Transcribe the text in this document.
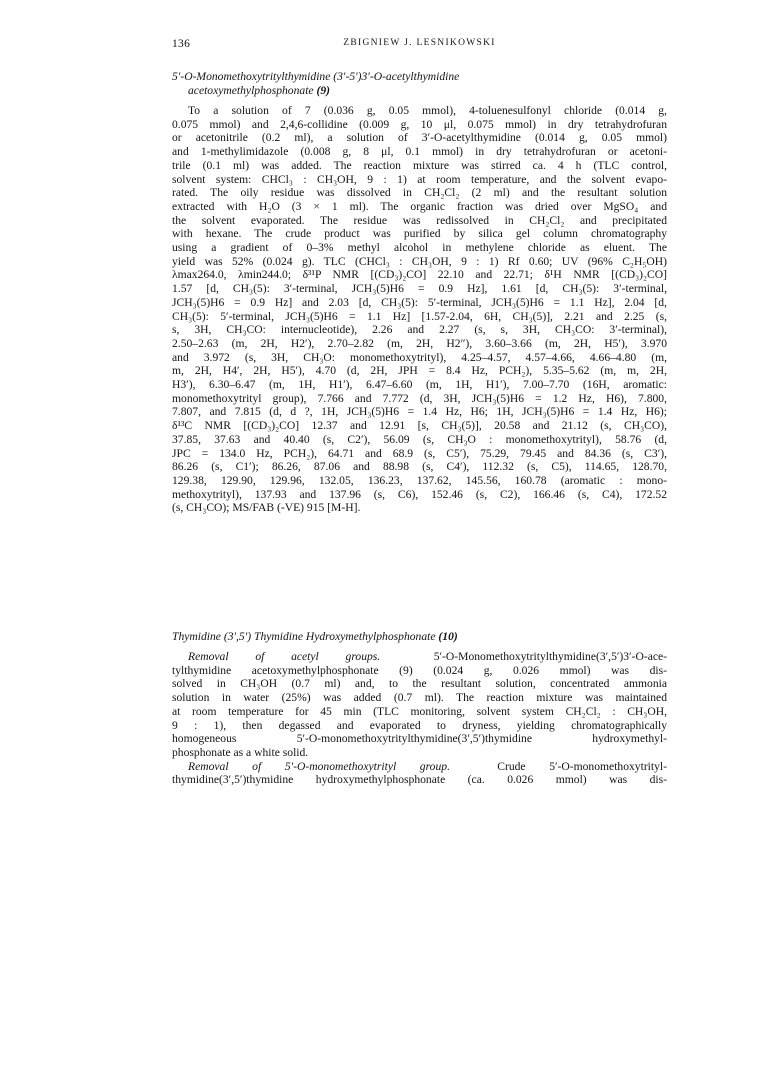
136	ZBIGNIEW J. LESNIKOWSKI
5′-O-Monomethoxytritylthymidine (3′-5′)3′-O-acetylthymidine
acetoxymethylphosphonate (9)

To a solution of 7 (0.036 g, 0.05 mmol), 4-toluenesulfonyl chloride (0.014 g,
0.075 mmol) and 2,4,6-collidine (0.009 g, 10 μl, 0.075 mmol) in dry tetrahydrofuran
or acetonitrile (0.2 ml), a solution of 3′-O-acetylthymidine (0.014 g, 0.05 mmol)
and 1-methylimidazole (0.008 g, 8 μl, 0.1 mmol) in dry tetrahydrofuran or acetoni-
trile (0.1 ml) was added. The reaction mixture was stirred ca. 4 h (TLC control,
solvent system: CHCl₃ : CH₃OH, 9 : 1) at room temperature, and the solvent evapo-
rated. The oily residue was dissolved in CH₂Cl₂ (2 ml) and the resultant solution
extracted with H₂O (3 × 1 ml). The organic fraction was dried over MgSO₄ and
the solvent evaporated. The residue was redissolved in CH₂Cl₂ and precipitated
with hexane. The crude product was purified by silica gel column chromatography
using a gradient of 0–3% methyl alcohol in methylene chloride as eluent. The
yield was 52% (0.024 g). TLC (CHCl₃ : CH₃OH, 9 : 1) Rf 0.60; UV (96% C₂H₅OH)
λmax264.0, λmin244.0; δ³¹P NMR [(CD₃)₂CO] 22.10 and 22.71; δ¹H NMR [(CD₃)₂CO]
1.57 [d, CH₃(5): 3′-terminal, JCH₃(5)H6 = 0.9 Hz], 1.61 [d, CH₃(5): 3′-terminal,
JCH₃(5)H6 = 0.9 Hz] and 2.03 [d, CH₃(5): 5′-terminal, JCH₃(5)H6 = 1.1 Hz], 2.04 [d,
CH₃(5): 5′-terminal, JCH₃(5)H6 = 1.1 Hz] [1.57-2.04, 6H, CH₃(5)], 2.21 and 2.25 (s,
s, 3H, CH₃CO: internucleotide), 2.26 and 2.27 (s, s, 3H, CH₃CO: 3′-terminal),
2.50–2.63 (m, 2H, H2′), 2.70–2.82 (m, 2H, H2″), 3.60–3.66 (m, 2H, H5′), 3.970
and 3.972 (s, 3H, CH₃O: monomethoxytrityl), 4.25–4.57, 4.57–4.66, 4.66–4.80 (m,
m, 2H, H4′, 2H, H5′), 4.70 (d, 2H, JPH = 8.4 Hz, PCH₂), 5.35–5.62 (m, m, 2H,
H3′), 6.30–6.47 (m, 1H, H1′), 6.47–6.60 (m, 1H, H1′), 7.00–7.70 (16H, aromatic:
monomethoxytrityl group), 7.766 and 7.772 (d, 3H, JCH₃(5)H6 = 1.2 Hz, H6), 7.800,
7.807, and 7.815 (d, d ?, 1H, JCH₃(5)H6 = 1.4 Hz, H6; 1H, JCH₃(5)H6 = 1.4 Hz, H6);
δ¹³C NMR [(CD₃)₂CO] 12.37 and 12.91 [s, CH₃(5)], 20.58 and 21.12 (s, CH₃CO),
37.85, 37.63 and 40.40 (s, C2′), 56.09 (s, CH₃O : monomethoxytrityl), 58.76 (d,
JPC = 134.0 Hz, PCH₂), 64.71 and 68.9 (s, C5′), 75.29, 79.45 and 84.36 (s, C3′),
86.26 (s, C1′); 86.26, 87.06 and 88.98 (s, C4′), 112.32 (s, C5), 114.65, 128.70,
129.38, 129.90, 129.96, 132.05, 136.23, 137.62, 145.56, 160.78 (aromatic : mono-
methoxytrityl), 137.93 and 137.96 (s, C6), 152.46 (s, C2), 166.46 (s, C4), 172.52
(s, CH₃CO); MS/FAB (-VE) 915 [M-H].

Thymidine (3′,5′) Thymidine Hydroxymethylphosphonate (10)

Removal of acetyl groups.	5′-O-Monomethoxytritylthymidine(3′,5′)3′-O-ace-
tylthymidine acetoxymethylphosphonate (9) (0.024 g, 0.026 mmol) was dis-
solved in CH₃OH (0.7 ml) and, to the resultant solution, concentrated ammonia
solution in water (25%) was added (0.7 ml). The reaction mixture was maintained
at room temperature for 45 min (TLC monitoring, solvent system CH₂Cl₂ : CH₃OH,
9 : 1), then degassed and evaporated to dryness, yielding chromatographically
homogeneous 5′-O-monomethoxytritylthymidine(3′,5′)thymidine hydroxymethyl-
phosphonate as a white solid.

Removal of 5′-O-monomethoxytrityl group.	Crude 5′-O-monomethoxytrityl-
thymidine(3′,5′)thymidine hydroxymethylphosphonate (ca. 0.026 mmol) was dis-
